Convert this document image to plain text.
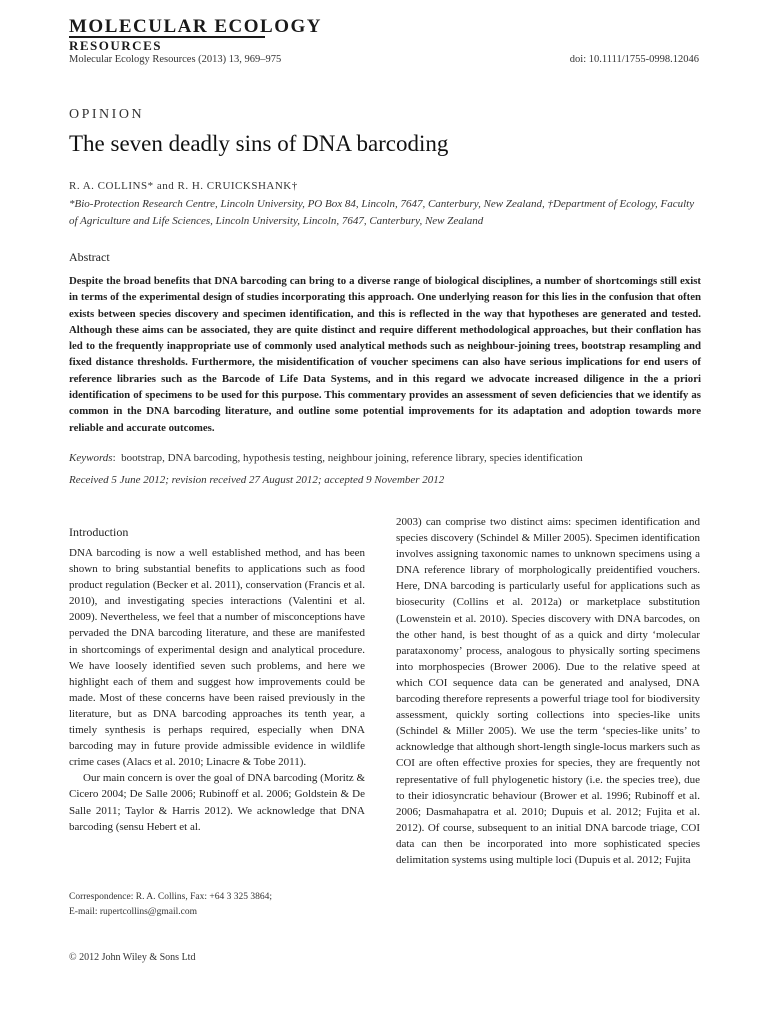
MOLECULAR ECOLOGY
RESOURCES
Molecular Ecology Resources (2013) 13, 969–975	doi: 10.1111/1755-0998.12046
OPINION
The seven deadly sins of DNA barcoding
R. A. COLLINS* and R. H. CRUICKSHANK†
*Bio-Protection Research Centre, Lincoln University, PO Box 84, Lincoln, 7647, Canterbury, New Zealand, †Department of Ecology, Faculty of Agriculture and Life Sciences, Lincoln University, Lincoln, 7647, Canterbury, New Zealand
Abstract

Despite the broad benefits that DNA barcoding can bring to a diverse range of biological disciplines, a number of shortcomings still exist in terms of the experimental design of studies incorporating this approach. One underlying reason for this lies in the confusion that often exists between species discovery and specimen identification, and this is reflected in the way that hypotheses are generated and tested. Although these aims can be associated, they are quite distinct and require different methodological approaches, but their conflation has led to the frequently inappropriate use of commonly used analytical methods such as neighbour-joining trees, bootstrap resampling and fixed distance thresholds. Furthermore, the misidentification of voucher specimens can also have serious implications for end users of reference libraries such as the Barcode of Life Data Systems, and in this regard we advocate increased diligence in the a priori identification of specimens to be used for this purpose. This commentary provides an assessment of seven deficiencies that we identify as common in the DNA barcoding literature, and outline some potential improvements for its adaptation and adoption towards more reliable and accurate outcomes.

Keywords:  bootstrap, DNA barcoding, hypothesis testing, neighbour joining, reference library, species identification
Received 5 June 2012; revision received 27 August 2012; accepted 9 November 2012
Introduction

DNA barcoding is now a well established method, and has been shown to bring substantial benefits to applications such as food product regulation (Becker et al. 2011), conservation (Francis et al. 2010), and investigating species interactions (Valentini et al. 2009). Nevertheless, we feel that a number of misconceptions have pervaded the DNA barcoding literature, and these are manifested in shortcomings of experimental design and analytical procedure. We have loosely identified seven such problems, and here we highlight each of them and suggest how improvements could be made. Most of these concerns have been raised previously in the literature, but as DNA barcoding approaches its tenth year, a timely synthesis is perhaps required, especially when DNA barcoding may in future provide admissible evidence in wildlife crime cases (Alacs et al. 2010; Linacre & Tobe 2011).

Our main concern is over the goal of DNA barcoding (Moritz & Cicero 2004; De Salle 2006; Rubinoff et al. 2006; Goldstein & De Salle 2011; Taylor & Harris 2012). We acknowledge that DNA barcoding (sensu Hebert et al.

2003) can comprise two distinct aims: specimen identification and species discovery (Schindel & Miller 2005). Specimen identification involves assigning taxonomic names to unknown specimens using a DNA reference library of morphologically preidentified vouchers. Here, DNA barcoding is particularly useful for applications such as biosecurity (Collins et al. 2012a) or marketplace substitution (Lowenstein et al. 2010). Species discovery with DNA barcodes, on the other hand, is best thought of as a quick and dirty ‘molecular parataxonomy’ process, analogous to physically sorting specimens into morphospecies (Brower 2006). Due to the relative speed at which COI sequence data can be generated and analysed, DNA barcoding therefore represents a powerful triage tool for biodiversity assessment, quickly sorting collections into species-like units (Schindel & Miller 2005). We use the term ‘species-like units’ to acknowledge that although short-length single-locus markers such as COI are often effective proxies for species, they are frequently not representative of full phylogenetic history (i.e. the species tree), due to their idiosyncratic behaviour (Brower et al. 1996; Rubinoff et al. 2006; Dasmahapatra et al. 2010; Dupuis et al. 2012; Fujita et al. 2012). Of course, subsequent to an initial DNA barcode triage, COI data can then be incorporated into more sophisticated species delimitation systems using multiple loci (Dupuis et al. 2012; Fujita

Correspondence: R. A. Collins, Fax: +64 3 325 3864;
E-mail: rupertcollins@gmail.com
© 2012 John Wiley & Sons Ltd
